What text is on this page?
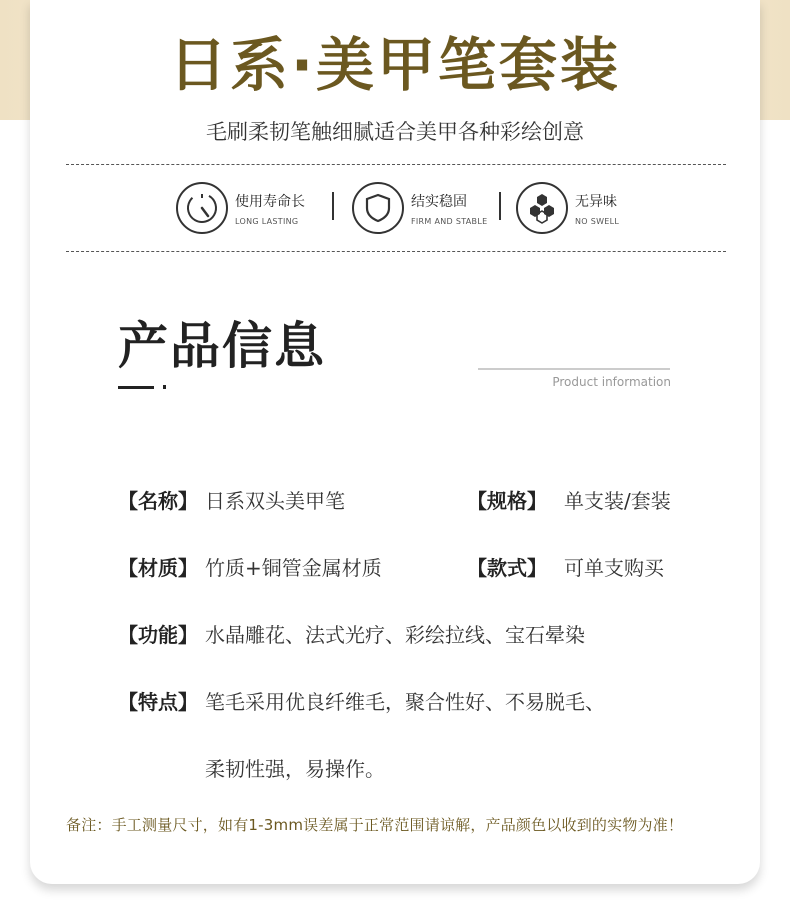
日系·美甲笔套装
毛刷柔韧笔触细腻适合美甲各种彩绘创意
使用寿命长
LONG LASTING
结实稳固
FIRM AND STABLE
无异味
NO SWELL
产品信息
Product information
【名称】 日系双头美甲笔	【规格】 单支装/套装
【材质】 竹质+铜管金属材质	【款式】 可单支购买
【功能】 水晶雕花、法式光疗、彩绘拉线、宝石晕染
【特点】 笔毛采用优良纤维毛，聚合性好、不易脱毛、
柔韧性强，易操作。
备注：手工测量尺寸，如有1-3mm误差属于正常范围请谅解，产品颜色以收到的实物为准！
